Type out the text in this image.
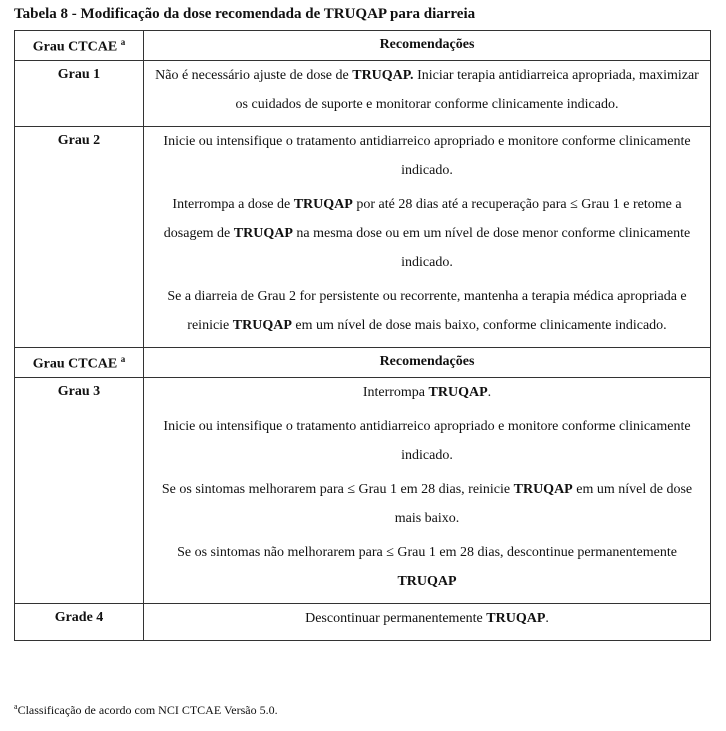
Tabela 8 - Modificação da dose recomendada de TRUQAP para diarreia
Grau CTCAE $^a$	Recomendações
Grau 1	Não é necessário ajuste de dose de TRUQAP. Iniciar terapia antidiarreica apropriada, maximizar os cuidados de suporte e monitorar conforme clinicamente indicado.

Grau 2	Inicie ou intensifique o tratamento antidiarreico apropriado e monitore conforme clinicamente indicado.

Interrompa a dose de TRUQAP por até 28 dias até a recuperação para ≤ Grau 1 e retome a dosagem de TRUQAP na mesma dose ou em um nível de dose menor conforme clinicamente indicado.

Se a diarreia de Grau 2 for persistente ou recorrente, mantenha a terapia médica apropriada e reinicie TRUQAP em um nível de dose mais baixo, conforme clinicamente indicado.

Grau CTCAE $^a$	Recomendações
Grau 3	Interrompa TRUQAP.

Inicie ou intensifique o tratamento antidiarreico apropriado e monitore conforme clinicamente indicado.

Se os sintomas melhorarem para ≤ Grau 1 em 28 dias, reinicie TRUQAP em um nível de dose mais baixo.

Se os sintomas não melhorarem para ≤ Grau 1 em 28 dias, descontinue permanentemente TRUQAP

Grade 4	Descontinuar permanentemente TRUQAP.

$^a$Classificação de acordo com NCI CTCAE Versão 5.0.
